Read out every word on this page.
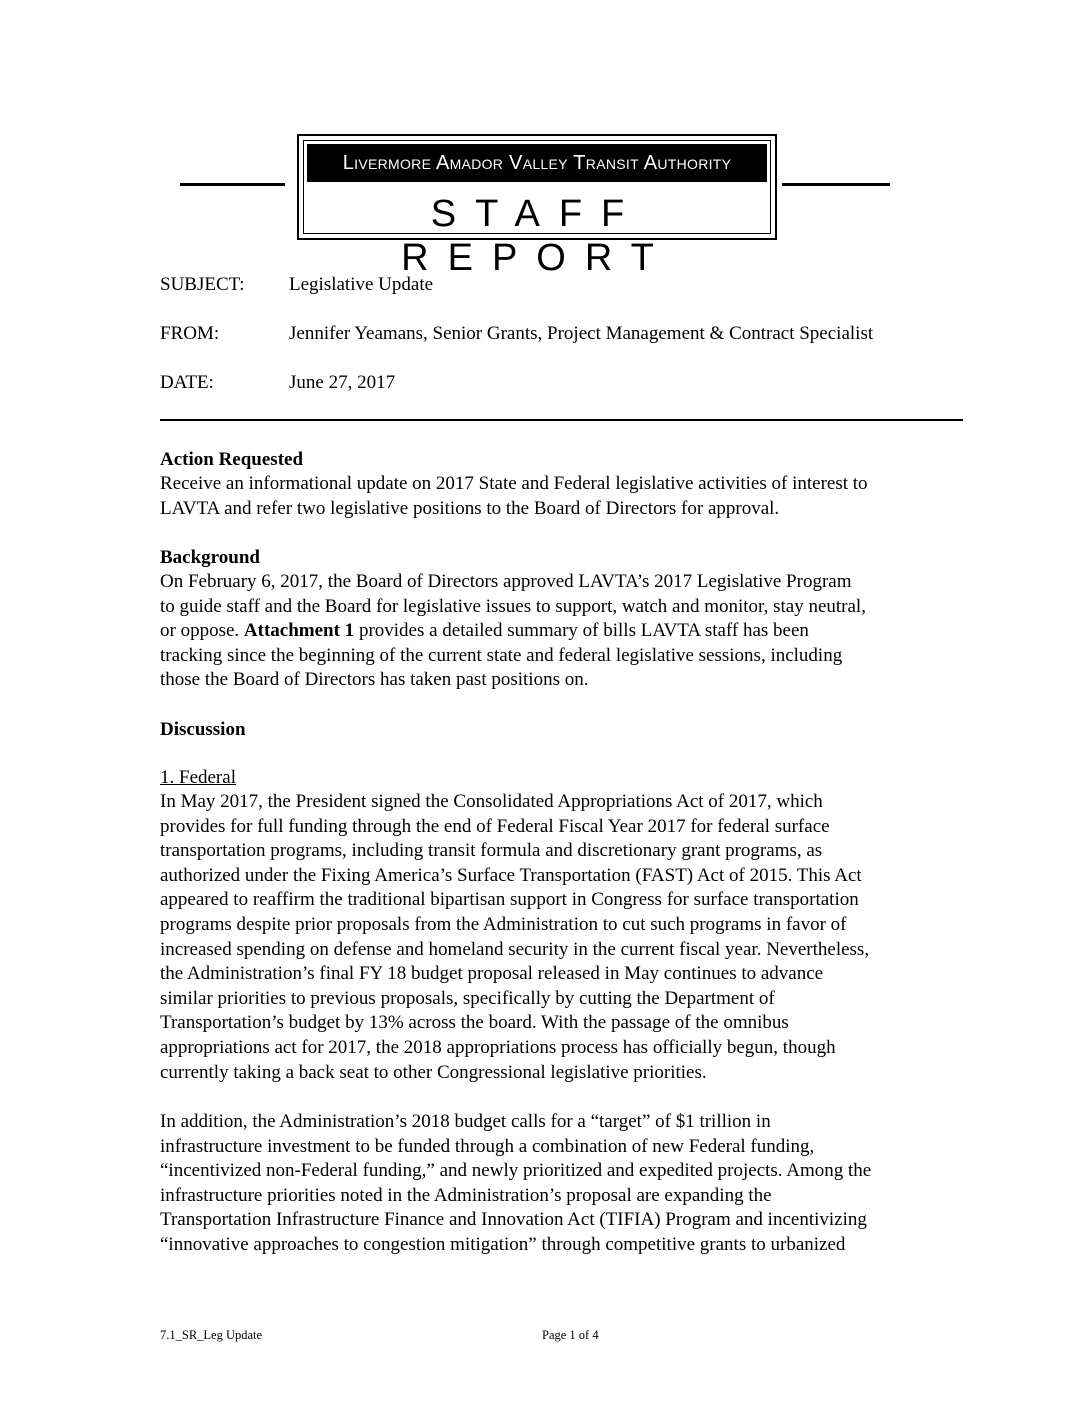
Livermore Amador Valley Transit Authority
STAFF REPORT
SUBJECT: Legislative Update
FROM:	Jennifer Yeamans, Senior Grants, Project Management & Contract Specialist
DATE:	June 27, 2017
Action Requested
Receive an informational update on 2017 State and Federal legislative activities of interest to
LAVTA and refer two legislative positions to the Board of Directors for approval.
Background
On February 6, 2017, the Board of Directors approved LAVTA’s 2017 Legislative Program
to guide staff and the Board for legislative issues to support, watch and monitor, stay neutral,
or oppose. Attachment 1 provides a detailed summary of bills LAVTA staff has been
tracking since the beginning of the current state and federal legislative sessions, including
those the Board of Directors has taken past positions on.
Discussion
1. Federal
In May 2017, the President signed the Consolidated Appropriations Act of 2017, which
provides for full funding through the end of Federal Fiscal Year 2017 for federal surface
transportation programs, including transit formula and discretionary grant programs, as
authorized under the Fixing America’s Surface Transportation (FAST) Act of 2015. This Act
appeared to reaffirm the traditional bipartisan support in Congress for surface transportation
programs despite prior proposals from the Administration to cut such programs in favor of
increased spending on defense and homeland security in the current fiscal year. Nevertheless,
the Administration’s final FY 18 budget proposal released in May continues to advance
similar priorities to previous proposals, specifically by cutting the Department of
Transportation’s budget by 13% across the board. With the passage of the omnibus
appropriations act for 2017, the 2018 appropriations process has officially begun, though
currently taking a back seat to other Congressional legislative priorities.
In addition, the Administration’s 2018 budget calls for a “target” of $1 trillion in
infrastructure investment to be funded through a combination of new Federal funding,
“incentivized non-Federal funding,” and newly prioritized and expedited projects. Among the
infrastructure priorities noted in the Administration’s proposal are expanding the
Transportation Infrastructure Finance and Innovation Act (TIFIA) Program and incentivizing
“innovative approaches to congestion mitigation” through competitive grants to urbanized
7.1_SR_Leg Update	Page 1 of 4
